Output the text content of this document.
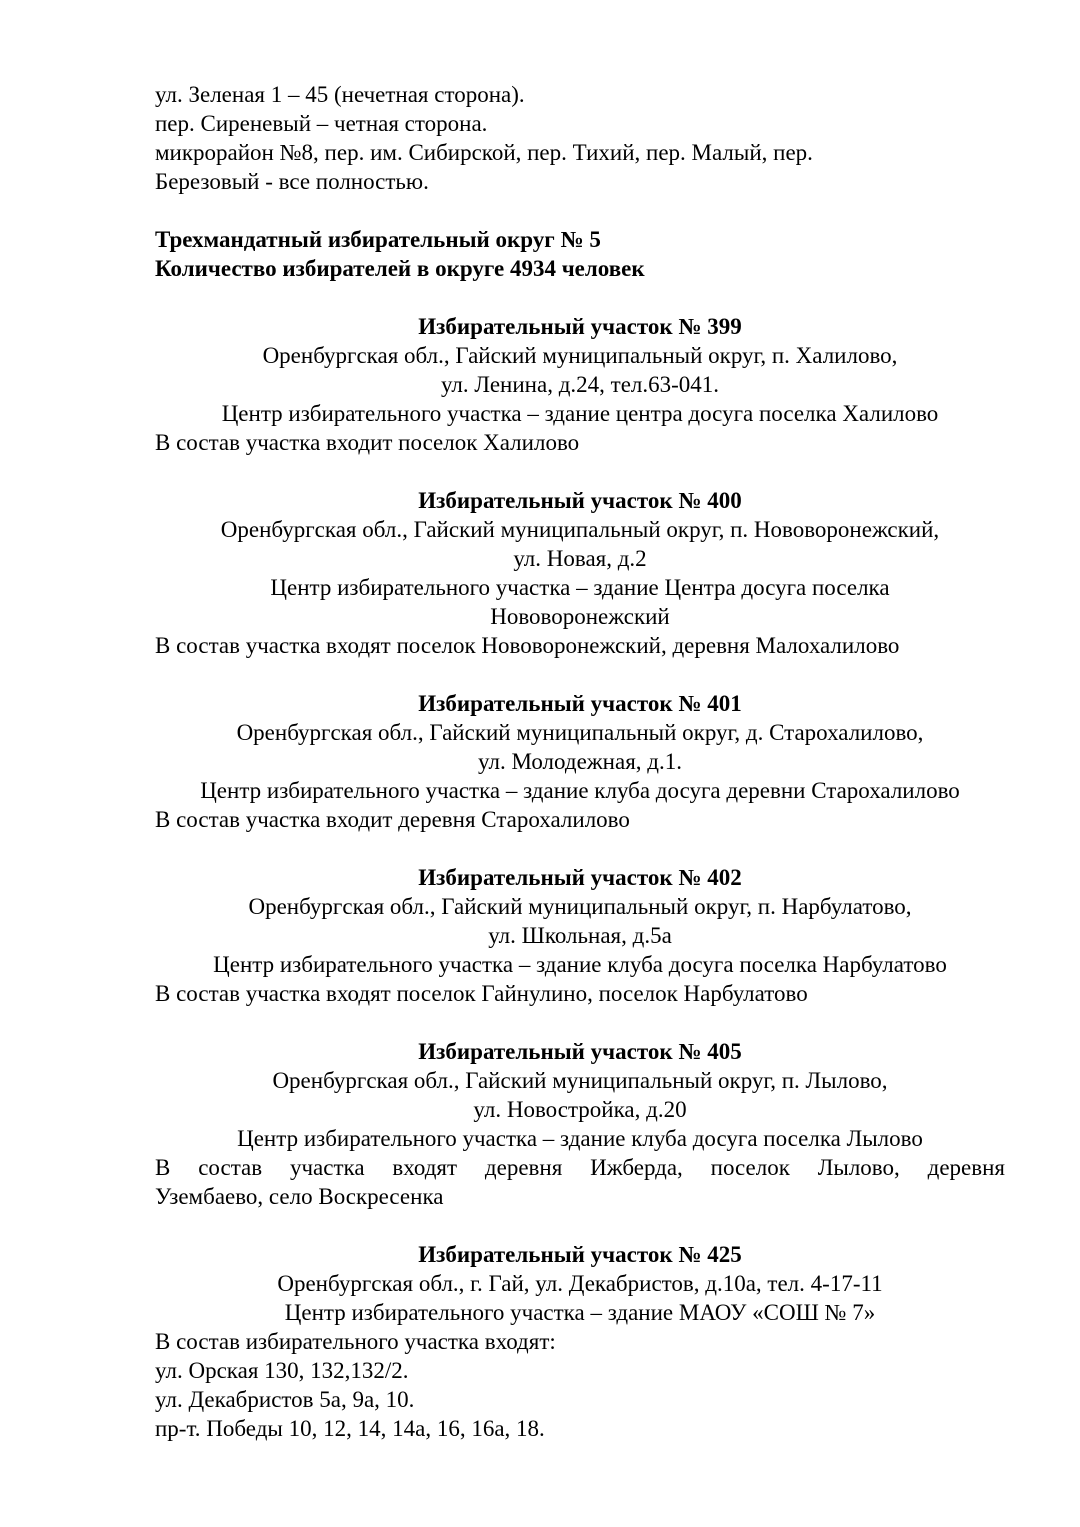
ул. Зеленая 1 – 45 (нечетная сторона).
пер. Сиреневый – четная сторона.
микрорайон №8, пер. им. Сибирской, пер. Тихий, пер. Малый, пер.
Березовый - все полностью.
Трехмандатный избирательный округ № 5
Количество избирателей в округе 4934 человек
Избирательный участок № 399
Оренбургская обл., Гайский муниципальный округ, п. Халилово,
ул. Ленина, д.24, тел.63-041.
Центр избирательного участка – здание центра досуга поселка Халилово
В состав участка входит поселок Халилово
Избирательный участок № 400
Оренбургская обл., Гайский муниципальный округ, п. Нововоронежский,
ул. Новая, д.2
Центр избирательного участка – здание Центра досуга поселка
Нововоронежский
В состав участка входят поселок Нововоронежский, деревня Малохалилово
Избирательный участок № 401
Оренбургская обл., Гайский муниципальный округ, д. Старохалилово,
ул. Молодежная, д.1.
Центр избирательного участка – здание клуба досуга деревни Старохалилово
В состав участка входит деревня Старохалилово
Избирательный участок № 402
Оренбургская обл., Гайский муниципальный округ, п. Нарбулатово,
ул. Школьная, д.5а
Центр избирательного участка – здание клуба досуга поселка Нарбулатово
В состав участка входят поселок Гайнулино, поселок Нарбулатово
Избирательный участок № 405
Оренбургская обл., Гайский муниципальный округ, п. Лылово,
ул. Новостройка, д.20
Центр избирательного участка – здание клуба досуга поселка Лылово
В состав участка входят деревня Ижберда, поселок Лылово, деревня
Узембаево, село Воскресенка
Избирательный участок № 425
Оренбургская обл., г. Гай, ул. Декабристов, д.10а, тел. 4-17-11
Центр избирательного участка – здание МАОУ «СОШ № 7»
В состав избирательного участка входят:
ул. Орская 130, 132,132/2.
ул. Декабристов 5а, 9а, 10.
пр-т. Победы 10, 12, 14, 14а, 16, 16а, 18.
